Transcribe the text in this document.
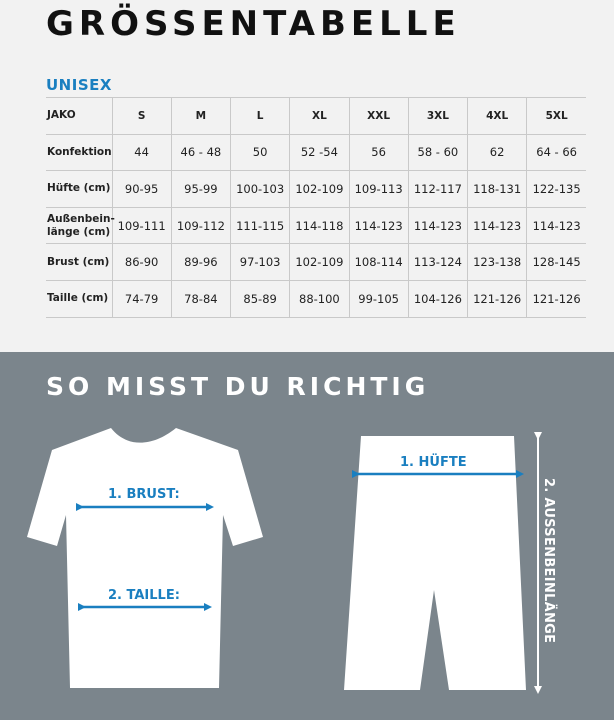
GRÖSSENTABELLE
UNISEX
JAKO	S	M	L	XL	XXL	3XL	4XL	5XL
Konfektion	44	46 - 48	50	52 -54	56	58 - 60	62	64 - 66
Hüfte (cm)	90-95	95-99	100-103	102-109	109-113	112-117	118-131	122-135
Außenbein-
länge (cm)	109-111	109-112	111-115	114-118	114-123	114-123	114-123	114-123
Brust (cm)	86-90	89-96	97-103	102-109	108-114	113-124	123-138	128-145
Taille (cm)	74-79	78-84	85-89	88-100	99-105	104-126	121-126	121-126
SO MISST DU RICHTIG
1. BRUST:
2. TAILLE:
1. HÜFTE
2. AUSSENBEINLÄNGE
